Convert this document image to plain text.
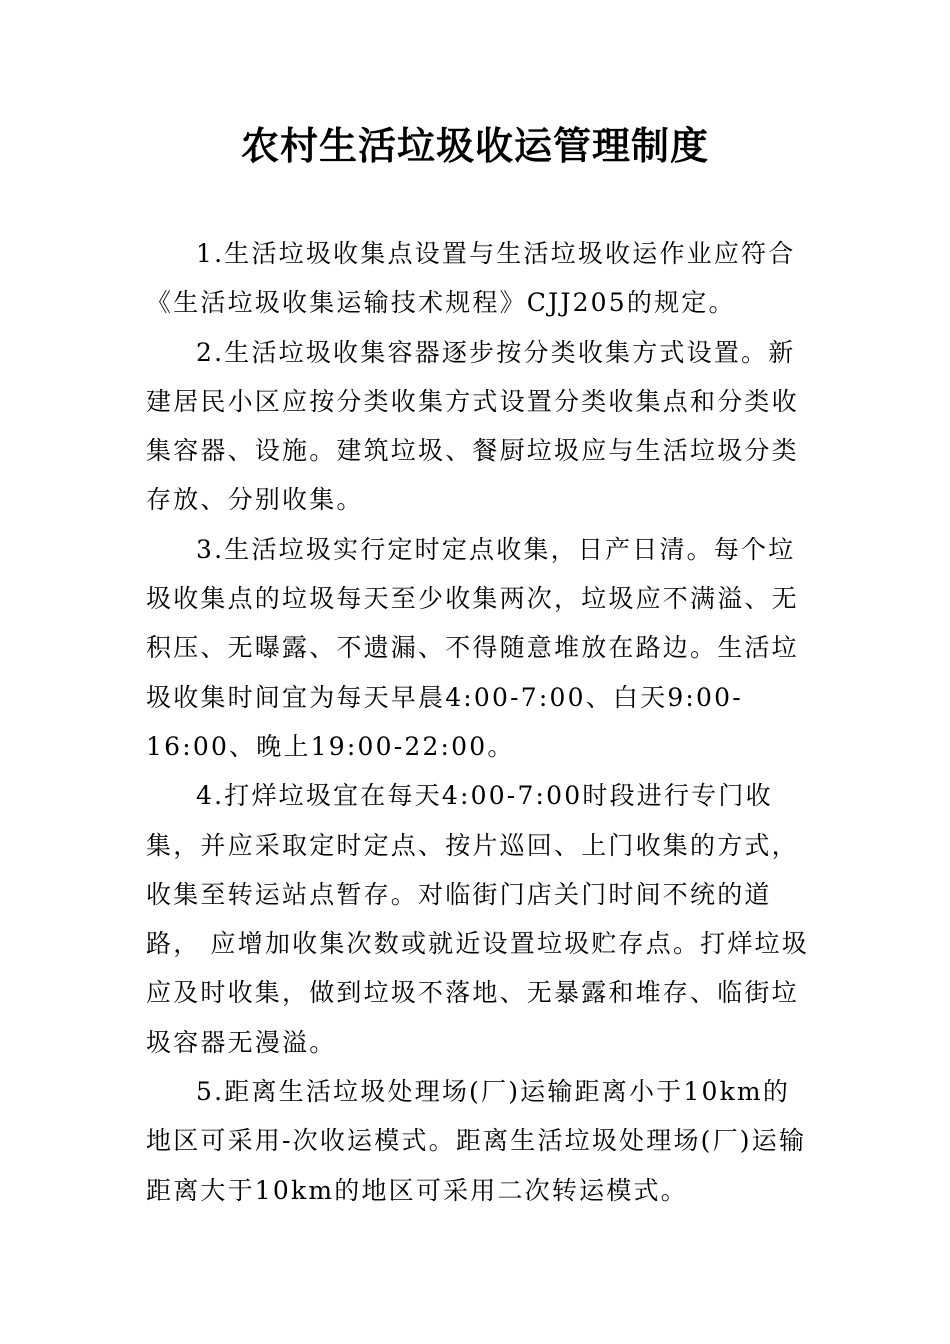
农村生活垃圾收运管理制度

1.生活垃圾收集点设置与生活垃圾收运作业应符合《生活垃圾收集运输技术规程》CJJ205的规定。

2.生活垃圾收集容器逐步按分类收集方式设置。新建居民小区应按分类收集方式设置分类收集点和分类收集容器、设施。建筑垃圾、餐厨垃圾应与生活垃圾分类存放、分别收集。

3.生活垃圾实行定时定点收集，日产日清。每个垃圾收集点的垃圾每天至少收集两次，垃圾应不满溢、无积压、无曝露、不遗漏、不得随意堆放在路边。生活垃圾收集时间宜为每天早晨4:00-7:00、白天9:00-16:00、晚上19:00-22:00。

4.打烊垃圾宜在每天4:00-7:00时段进行专门收集，并应采取定时定点、按片巡回、上门收集的方式，收集至转运站点暂存。对临街门店关门时间不统的道路， 应增加收集次数或就近设置垃圾贮存点。打烊垃圾应及时收集，做到垃圾不落地、无暴露和堆存、临街垃圾容器无漫溢。

5.距离生活垃圾处理场(厂)运输距离小于10km的地区可采用-次收运模式。距离生活垃圾处理场(厂)运输距离大于10km的地区可采用二次转运模式。
